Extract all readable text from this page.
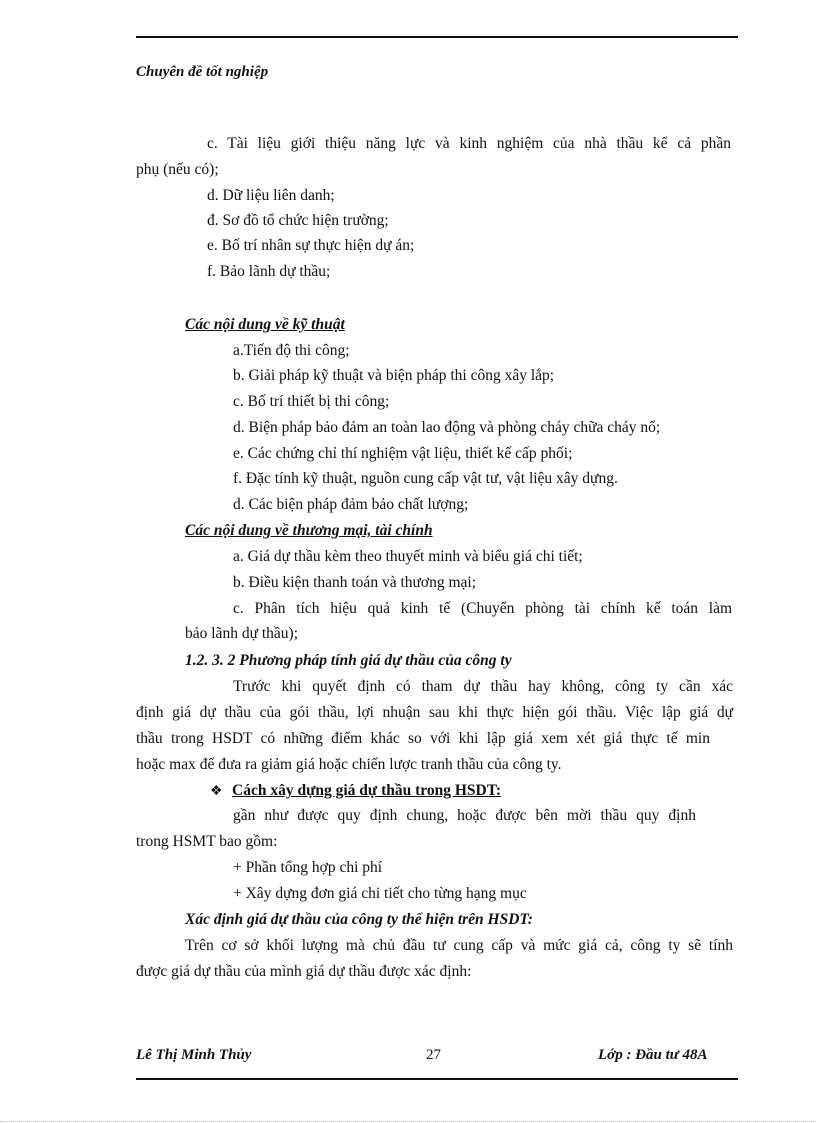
Chuyên đề tốt nghiệp
c. Tài liệu giới thiệu năng lực và kinh nghiệm của nhà thầu kể cả phần
phụ (nếu có);
d. Dữ liệu liên danh;
đ. Sơ đồ tổ chức hiện trường;
e. Bố trí nhân sự thực hiện dự án;
f. Bảo lãnh dự thầu;
Các nội dung về kỹ thuật
a.Tiến độ thi công;
b. Giải pháp kỹ thuật và biện pháp thi công xây lắp;
c. Bố trí thiết bị thi công;
d. Biện pháp bảo đảm an toàn lao động và phòng cháy chữa cháy nổ;
e. Các chứng chỉ thí nghiệm vật liệu, thiết kế cấp phối;
f. Đặc tính kỹ thuật, nguồn cung cấp vật tư, vật liệu xây dựng.
d. Các biện pháp đảm bảo chất lượng;
Các nội dung về thương mại, tài chính
a. Giá dự thầu kèm theo thuyết minh và biểu giá chi tiết;
b. Điều kiện thanh toán và thương mại;
c. Phân tích hiệu quả kinh tế (Chuyển phòng tài chính kế toán làm
bảo lãnh dự thầu);
1.2. 3. 2 Phương pháp tính giá dự thầu của công ty
Trước khi quyết định có tham dự thầu hay không, công ty cần xác
định giá dự thầu của gói thầu, lợi nhuận sau khi thực hiện gói thầu. Việc lập giá dự
thầu trong HSDT có những điểm khác so với khi lập giá xem xét giá thực tế min
hoặc max để đưa ra giảm giá hoặc chiến lược tranh thầu của công ty.
❖ Cách xây dựng giá dự thầu trong HSDT:
gần như được quy định chung, hoặc được bên mời thầu quy định
trong HSMT bao gồm:
+ Phần tổng hợp chi phí
+ Xây dựng đơn giá chi tiết cho từng hạng mục
Xác định giá dự thầu của công ty thể hiện trên HSDT:
Trên cơ sở khối lượng mà chủ đầu tư cung cấp và mức giá cả, công ty sẽ tính
được giá dự thầu của mình giá dự thầu được xác định:
Lê Thị Minh Thủy	27	Lớp : Đầu tư 48A
